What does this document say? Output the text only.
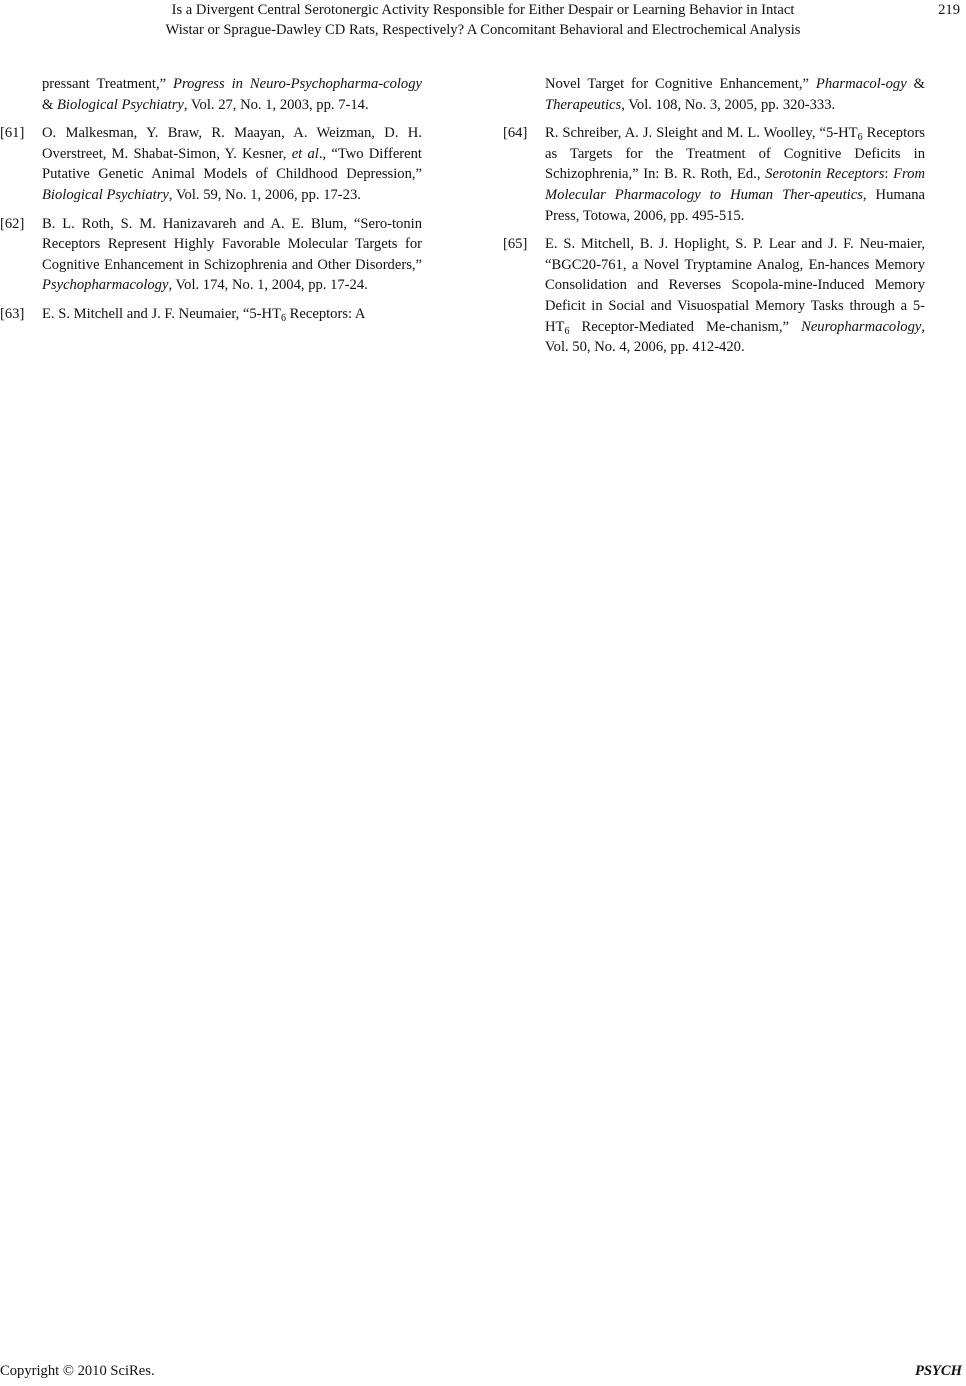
Is a Divergent Central Serotonergic Activity Responsible for Either Despair or Learning Behavior in Intact
Wistar or Sprague-Dawley CD Rats, Respectively? A Concomitant Behavioral and Electrochemical Analysis
219

pressant Treatment,” Progress in Neuro-Psychopharma-cology & Biological Psychiatry, Vol. 27, No. 1, 2003, pp. 7-14.

[61] O. Malkesman, Y. Braw, R. Maayan, A. Weizman, D. H. Overstreet, M. Shabat-Simon, Y. Kesner, et al., “Two Different Putative Genetic Animal Models of Childhood Depression,” Biological Psychiatry, Vol. 59, No. 1, 2006, pp. 17-23.

[62] B. L. Roth, S. M. Hanizavareh and A. E. Blum, “Sero-tonin Receptors Represent Highly Favorable Molecular Targets for Cognitive Enhancement in Schizophrenia and Other Disorders,” Psychopharmacology, Vol. 174, No. 1, 2004, pp. 17-24.

[63] E. S. Mitchell and J. F. Neumaier, “$5-HT_6$ Receptors: A

Novel Target for Cognitive Enhancement,” Pharmacol-ogy & Therapeutics, Vol. 108, No. 3, 2005, pp. 320-333.

[64] R. Schreiber, A. J. Sleight and M. L. Woolley, “$5-HT_6$ Receptors as Targets for the Treatment of Cognitive Deficits in Schizophrenia,” In: B. R. Roth, Ed., Serotonin Receptors: From Molecular Pharmacology to Human Ther-apeutics, Humana Press, Totowa, 2006, pp. 495-515.

[65] E. S. Mitchell, B. J. Hoplight, S. P. Lear and J. F. Neu-maier, “BGC20-761, a Novel Tryptamine Analog, En-hances Memory Consolidation and Reverses Scopola-mine-Induced Memory Deficit in Social and Visuospatial Memory Tasks through a $5-HT_6$ Receptor-Mediated Me-chanism,” Neuropharmacology, Vol. 50, No. 4, 2006, pp. 412-420.

Copyright © 2010 SciRes.	PSYCH
